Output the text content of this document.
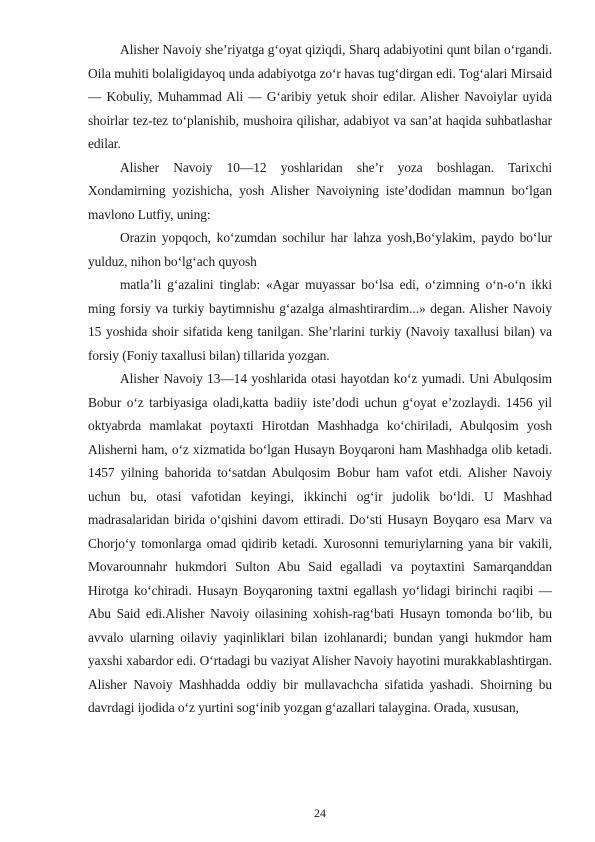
Alisher Navoiy she’riyatga g‘oyat qiziqdi, Sharq adabiyotini qunt bilan o‘rgandi. Oila muhiti bolaligidayoq unda adabiyotga zo‘r havas tug‘dirgan edi. Tog‘alari Mirsaid — Kobuliy, Muhammad Ali — G‘aribiy yetuk shoir edilar. Alisher Navoiylar uyida shoirlar tez-tez to‘planishib, mushoira qilishar, adabiyot va san’at haqida suhbatlashar edilar.

Alisher Navoiy 10—12 yoshlaridan she’r yoza boshlagan. Tarixchi Xondamirning yozishicha, yosh Alisher Navoiyning iste’dodidan mamnun bo‘lgan mavlono Lutfiy, uning:

Orazin yopqoch, ko‘zumdan sochilur har lahza yosh,Bo‘ylakim, paydo bo‘lur yulduz, nihon bo‘lg‘ach quyosh

matla’li g‘azalini tinglab: «Agar muyassar bo‘lsa edi, o‘zimning o‘n-o‘n ikki ming forsiy va turkiy baytimnishu g‘azalga almashtirardim...» degan. Alisher Navoiy 15 yoshida shoir sifatida keng tanilgan. She’rlarini turkiy (Navoiy taxallusi bilan) va forsiy (Foniy taxallusi bilan) tillarida yozgan.

Alisher Navoiy 13—14 yoshlarida otasi hayotdan ko‘z yumadi. Uni Abulqosim Bobur o‘z tarbiyasiga oladi,katta badiiy iste’dodi uchun g‘oyat e’zozlaydi. 1456 yil oktyabrda mamlakat poytaxti Hirotdan Mashhadga ko‘chiriladi, Abulqosim yosh Alisherni ham, o‘z xizmatida bo‘lgan Husayn Boyqaroni ham Mashhadga olib ketadi. 1457 yilning bahorida to‘satdan Abulqosim Bobur ham vafot etdi. Alisher Navoiy uchun bu, otasi vafotidan keyingi, ikkinchi og‘ir judolik bo‘ldi. U Mashhad madrasalaridan birida o‘qishini davom ettiradi. Do‘sti Husayn Boyqaro esa Marv va Chorjo‘y tomonlarga omad qidirib ketadi. Xurosonni temuriylarning yana bir vakili, Movarounnahr hukmdori Sulton Abu Said egalladi va poytaxtini Samarqanddan Hirotga ko‘chiradi. Husayn Boyqaroning taxtni egallash yo‘lidagi birinchi raqibi — Abu Said edi.Alisher Navoiy oilasining xohish-rag‘bati Husayn tomonda bo‘lib, bu avvalo ularning oilaviy yaqinliklari bilan izohlanardi; bundan yangi hukmdor ham yaxshi xabardor edi. O‘rtadagi bu vaziyat Alisher Navoiy hayotini murakkablashtirgan. Alisher Navoiy Mashhadda oddiy bir mullavachcha sifatida yashadi. Shoirning bu davrdagi ijodida o‘z yurtini sog‘inib yozgan g‘azallari talaygina. Orada, xususan,

24
